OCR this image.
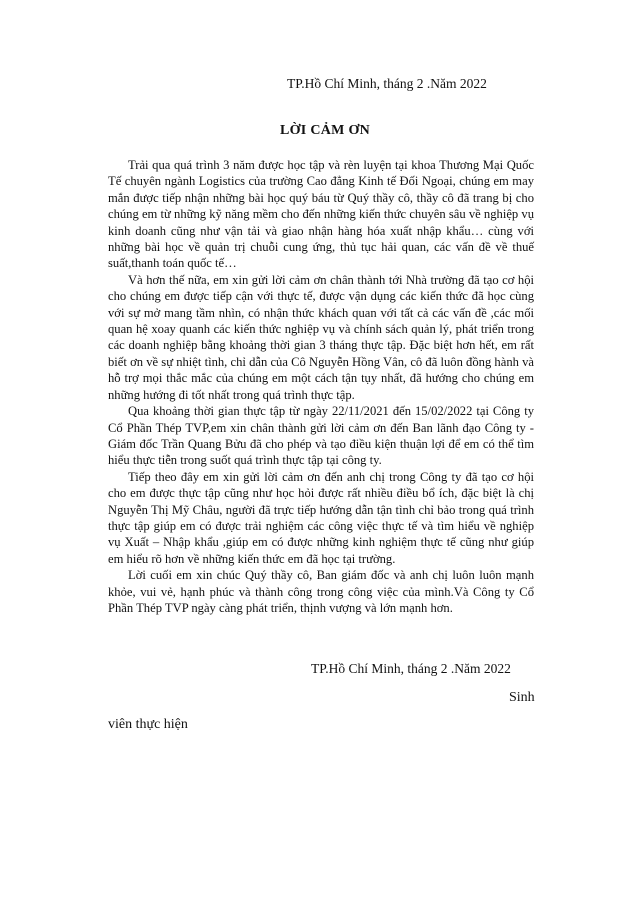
TP.Hồ Chí Minh, tháng 2 .Năm 2022
LỜI CẢM ƠN

Trải qua quá trình 3 năm được học tập và rèn luyện tại khoa Thương Mại Quốc Tế chuyên ngành Logistics của trường Cao đẳng Kinh tế Đối Ngoại, chúng em may mắn được tiếp nhận những bài học quý báu từ Quý thầy cô, thầy cô đã trang bị cho chúng em từ những kỹ năng mềm cho đến những kiến thức chuyên sâu về nghiệp vụ kinh doanh cũng như vận tải và giao nhận hàng hóa xuất nhập khẩu… cùng với những bài học về quản trị chuỗi cung ứng, thủ tục hải quan, các vấn đề về thuế suất,thanh toán quốc tế…

Và hơn thế nữa, em xin gửi lời cảm ơn chân thành tới Nhà trường đã tạo cơ hội cho chúng em được tiếp cận với thực tế, được vận dụng các kiến thức đã học cùng với sự mở mang tầm nhìn, có nhận thức khách quan với tất cả các vấn đề ,các mối quan hệ xoay quanh các kiến thức nghiệp vụ và chính sách quản lý, phát triển trong các doanh nghiệp bằng khoảng thời gian 3 tháng thực tập. Đặc biệt hơn hết, em rất biết ơn về sự nhiệt tình, chỉ dẫn của Cô Nguyễn Hồng Vân, cô đã luôn đồng hành và hỗ trợ mọi thắc mắc của chúng em một cách tận tụy nhất, đã hướng cho chúng em những hướng đi tốt nhất trong quá trình thực tập.

Qua khoảng thời gian thực tập từ ngày 22/11/2021 đến 15/02/2022 tại Công ty Cổ Phần Thép TVP,em xin chân thành gửi lời cảm ơn đến Ban lãnh đạo Công ty - Giám đốc Trần Quang Bửu đã cho phép và tạo điều kiện thuận lợi để em có thể tìm hiểu thực tiễn trong suốt quá trình thực tập tại công ty.

Tiếp theo đây em xin gửi lời cảm ơn đến anh chị trong Công ty đã tạo cơ hội cho em được thực tập cũng như học hỏi được rất nhiều điều bổ ích, đặc biệt là chị Nguyễn Thị Mỹ Châu, người đã trực tiếp hướng dẫn tận tình chỉ bảo trong quá trình thực tập giúp em có được trải nghiệm các công việc thực tế và tìm hiểu về nghiệp vụ Xuất – Nhập khẩu ,giúp em có được những kinh nghiệm thực tế cũng như giúp em hiểu rõ hơn về những kiến thức em đã học tại trường.

Lời cuối em xin chúc Quý thầy cô, Ban giám đốc và anh chị luôn luôn mạnh khỏe, vui vẻ, hạnh phúc và thành công trong công việc của mình.Và Công ty Cổ Phần Thép TVP ngày càng phát triển, thịnh vượng và lớn mạnh hơn.

TP.Hồ Chí Minh, tháng 2 .Năm 2022
Sinh
viên thực hiện
